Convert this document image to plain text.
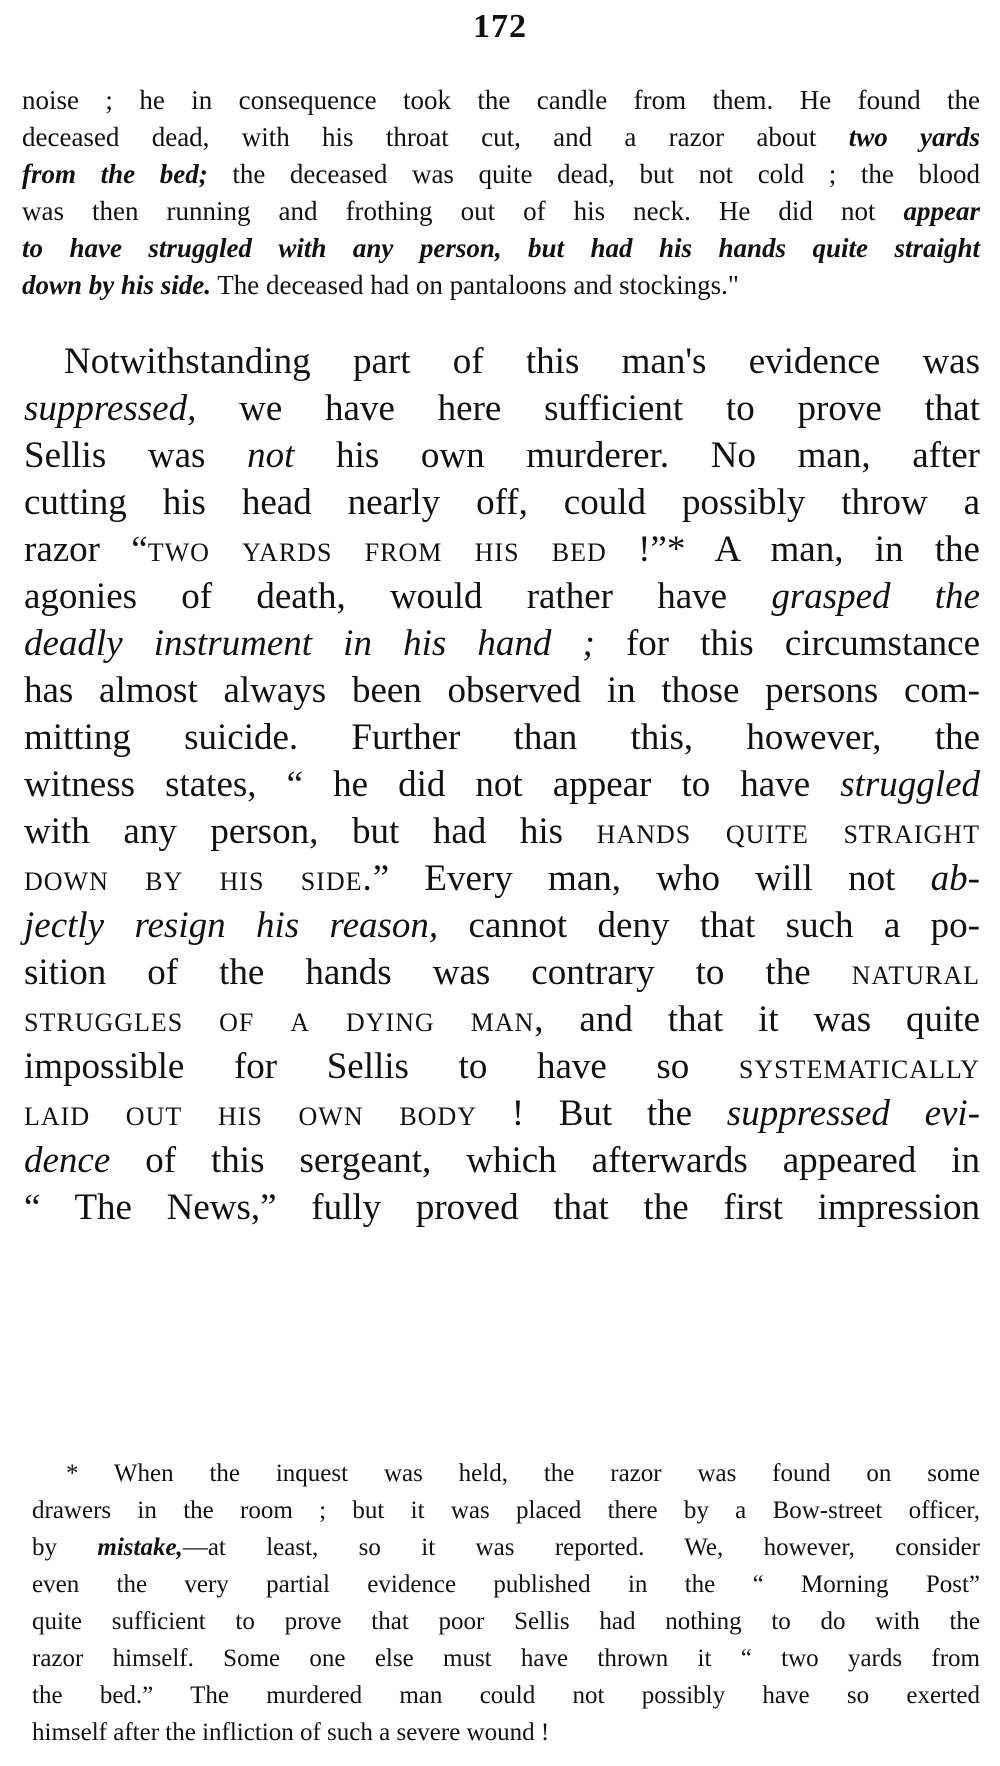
172
noise ; he in consequence took the candle from them. He found the
deceased dead, with his throat cut, and a razor about two yards
from the bed; the deceased was quite dead, but not cold ; the blood
was then running and frothing out of his neck. He did not appear
to have struggled with any person, but had his hands quite straight
down by his side. The deceased had on pantaloons and stockings."
Notwithstanding part of this man's evidence was
suppressed, we have here sufficient to prove that
Sellis was not his own murderer. No man, after
cutting his head nearly off, could possibly throw a
razor “two yards from his bed !”* A man, in the
agonies of death, would rather have grasped the
deadly instrument in his hand ; for this circumstance
has almost always been observed in those persons com-
mitting suicide. Further than this, however, the
witness states, “ he did not appear to have struggled
with any person, but had his hands quite straight
down by his side.” Every man, who will not ab-
jectly resign his reason, cannot deny that such a po-
sition of the hands was contrary to the natural
struggles of a dying man, and that it was quite
impossible for Sellis to have so systematically
laid out his own body ! But the suppressed evi-
dence of this sergeant, which afterwards appeared in
“ The News,” fully proved that the first impression
* When the inquest was held, the razor was found on some
drawers in the room ; but it was placed there by a Bow-street officer,
by mistake,—at least, so it was reported. We, however, consider
even the very partial evidence published in the “ Morning Post”
quite sufficient to prove that poor Sellis had nothing to do with the
razor himself. Some one else must have thrown it “ two yards from
the bed.” The murdered man could not possibly have so exerted
himself after the infliction of such a severe wound !
